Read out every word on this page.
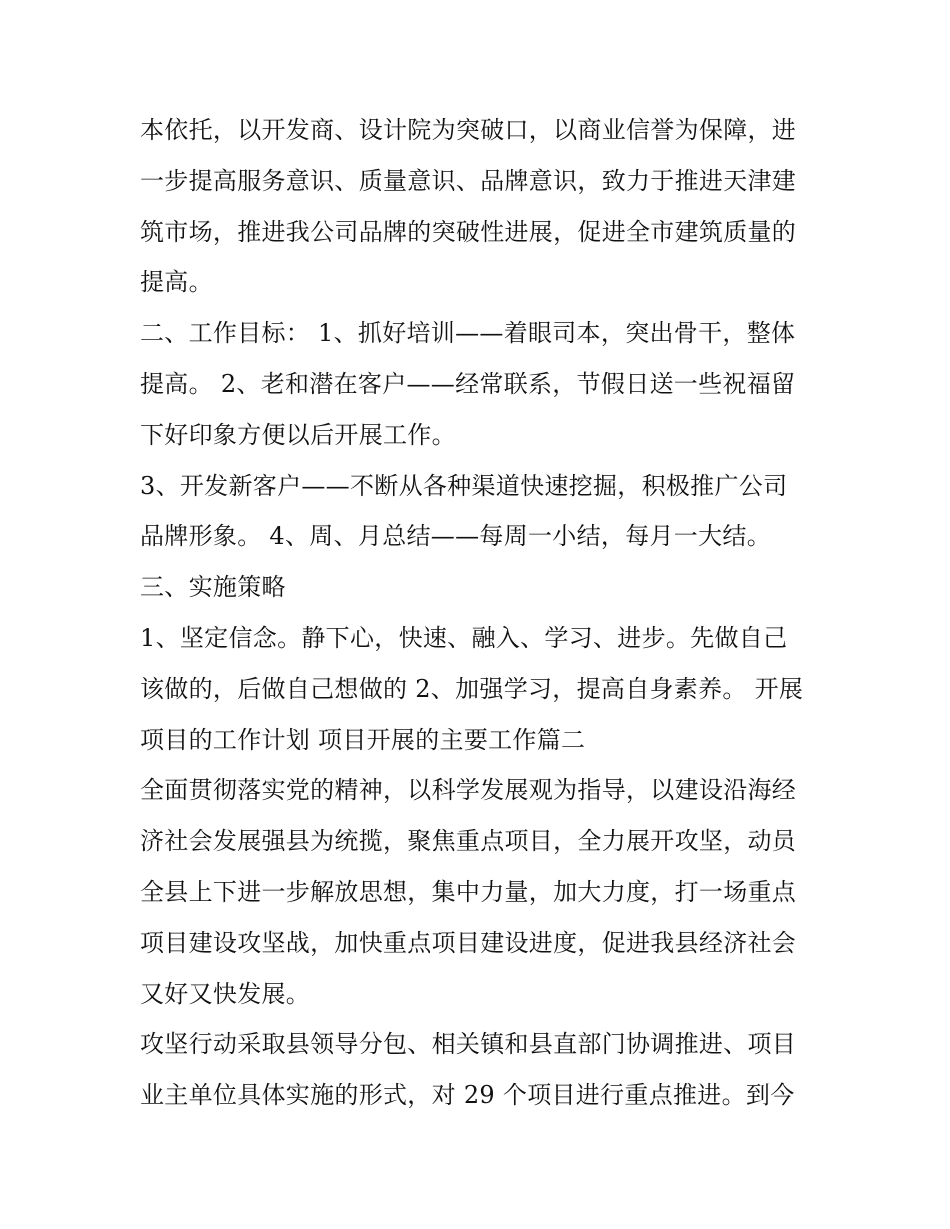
本依托，以开发商、设计院为突破口，以商业信誉为保障，进
一步提高服务意识、质量意识、品牌意识，致力于推进天津建
筑市场，推进我公司品牌的突破性进展，促进全市建筑质量的
提高。
二、工作目标： 1、抓好培训——着眼司本，突出骨干，整体
提高。 2、老和潜在客户——经常联系，节假日送一些祝福留
下好印象方便以后开展工作。
3、开发新客户——不断从各种渠道快速挖掘，积极推广公司
品牌形象。 4、周、月总结——每周一小结，每月一大结。
三、实施策略
1、坚定信念。静下心，快速、融入、学习、进步。先做自己
该做的，后做自己想做的 2、加强学习，提高自身素养。 开展
项目的工作计划 项目开展的主要工作篇二
全面贯彻落实党的精神，以科学发展观为指导，以建设沿海经
济社会发展强县为统揽，聚焦重点项目，全力展开攻坚，动员
全县上下进一步解放思想，集中力量，加大力度，打一场重点
项目建设攻坚战，加快重点项目建设进度，促进我县经济社会
又好又快发展。
攻坚行动采取县领导分包、相关镇和县直部门协调推进、项目
业主单位具体实施的形式，对 29 个项目进行重点推进。到今
